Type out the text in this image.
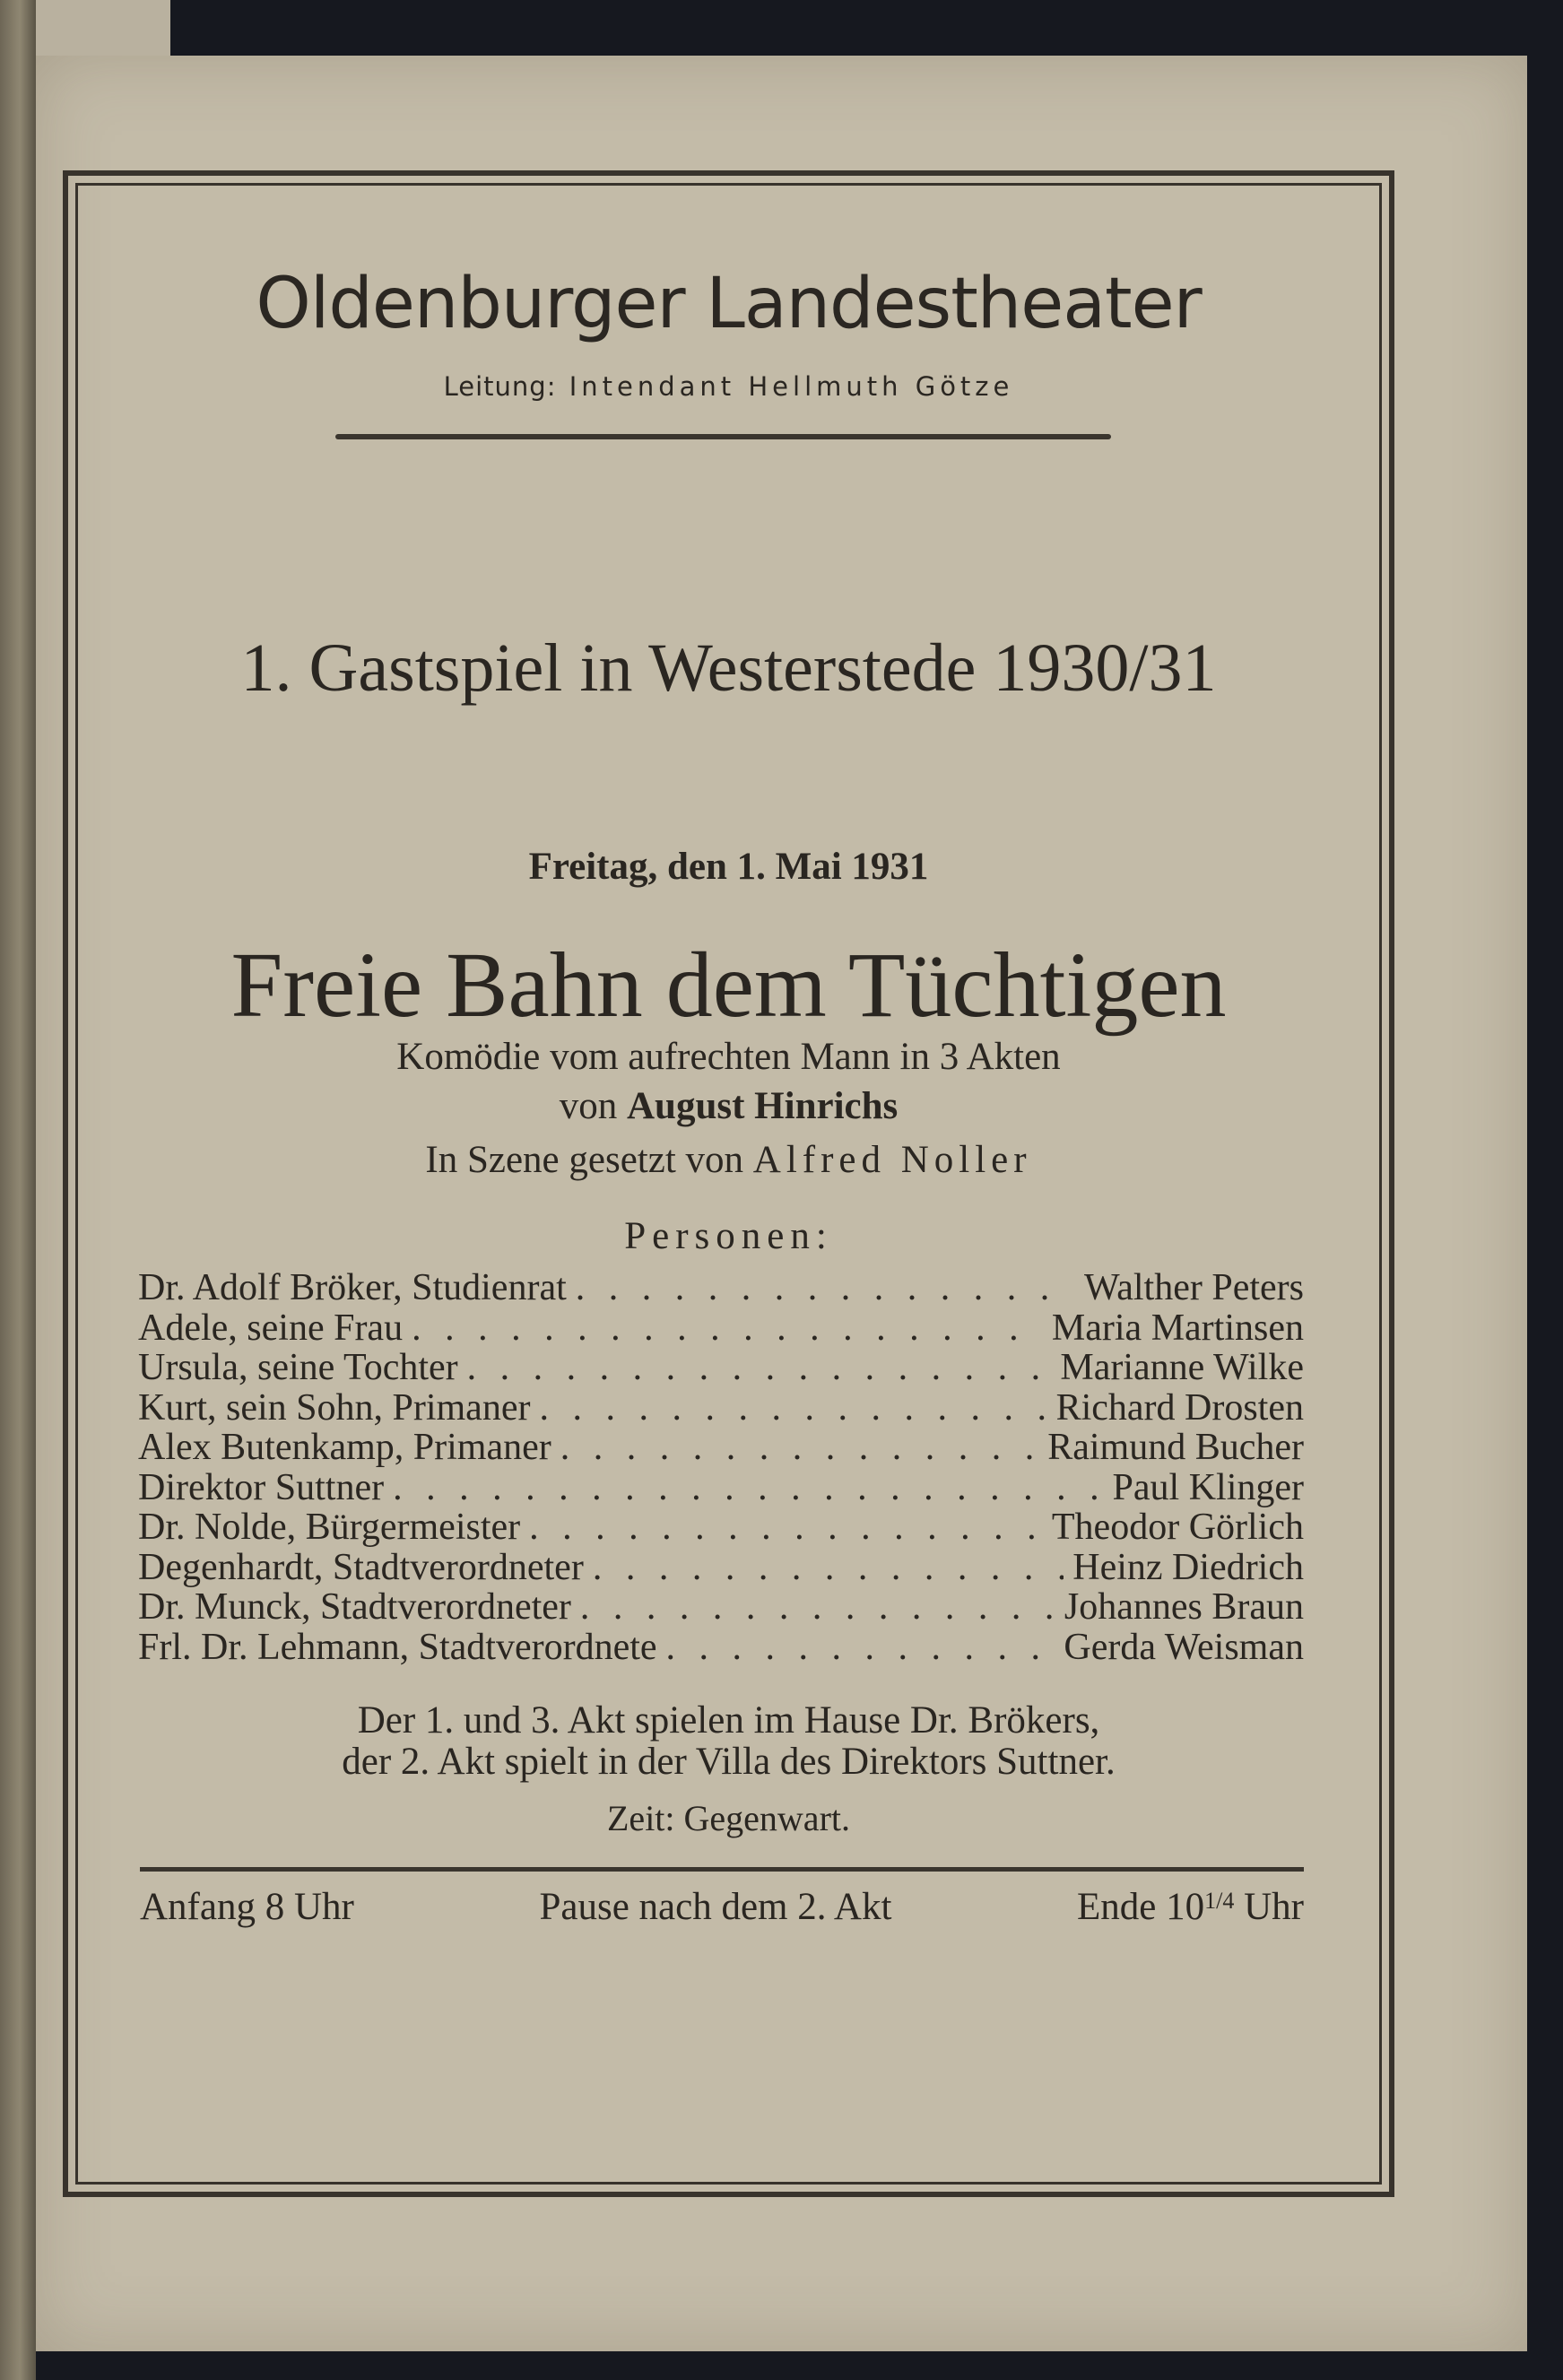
Oldenburger Landestheater
Leitung: Intendant Hellmuth Götze
1. Gastspiel in Westerstede 1930/31
Freitag, den 1. Mai 1931
Freie Bahn dem Tüchtigen
Komödie vom aufrechten Mann in 3 Akten
von August Hinrichs
In Szene gesetzt von Alfred Noller
Personen:
Dr. Adolf Bröker, Studienrat . . .	Walther Peters
Adele, seine Frau . . .	Maria Martinsen
Ursula, seine Tochter . . .	Marianne Wilke
Kurt, sein Sohn, Primaner . . .	Richard Drosten
Alex Butenkamp, Primaner . . .	Raimund Bucher
Direktor Suttner . . .	Paul Klinger
Dr. Nolde, Bürgermeister . . .	Theodor Görlich
Degenhardt, Stadtverordneter . . .	Heinz Diedrich
Dr. Munck, Stadtverordneter . . .	Johannes Braun
Frl. Dr. Lehmann, Stadtverordnete . . .	Gerda Weisman
Der 1. und 3. Akt spielen im Hause Dr. Brökers,
der 2. Akt spielt in der Villa des Direktors Suttner.
Zeit: Gegenwart.
Anfang 8 Uhr	Pause nach dem 2. Akt	Ende $10^{1/4}$ Uhr
